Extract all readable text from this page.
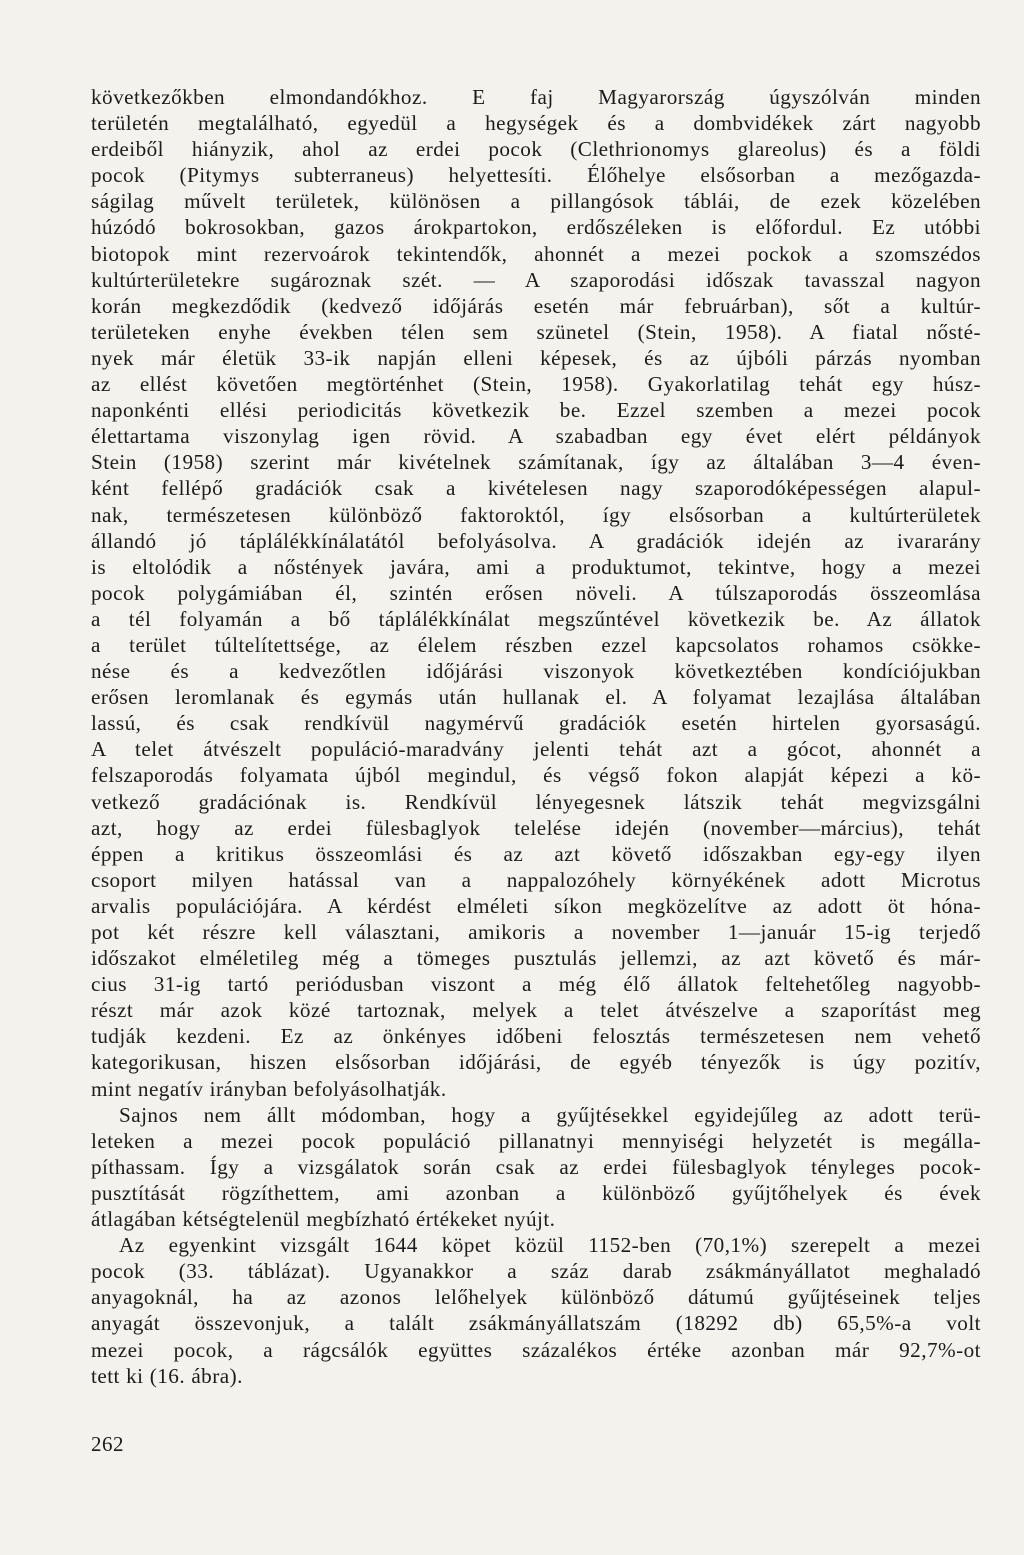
következőkben elmondandókhoz. E faj Magyarország úgyszólván minden
területén megtalálható, egyedül a hegységek és a dombvidékek zárt nagyobb
erdeiből hiányzik, ahol az erdei pocok (Clethrionomys glareolus) és a földi
pocok (Pitymys subterraneus) helyettesíti. Élőhelye elsősorban a mezőgazda-
ságilag művelt területek, különösen a pillangósok táblái, de ezek közelében
húzódó bokrosokban, gazos árokpartokon, erdőszéleken is előfordul. Ez utóbbi
biotopok mint rezervoárok tekintendők, ahonnét a mezei pockok a szomszédos
kultúrterületekre sugároznak szét. — A szaporodási időszak tavasszal nagyon
korán megkezdődik (kedvező időjárás esetén már februárban), sőt a kultúr-
területeken enyhe években télen sem szünetel (Stein, 1958). A fiatal nősté-
nyek már életük 33-ik napján elleni képesek, és az újbóli párzás nyomban
az ellést követően megtörténhet (Stein, 1958). Gyakorlatilag tehát egy húsz-
naponkénti ellési periodicitás következik be. Ezzel szemben a mezei pocok
élettartama viszonylag igen rövid. A szabadban egy évet elért példányok
Stein (1958) szerint már kivételnek számítanak, így az általában 3—4 éven-
ként fellépő gradációk csak a kivételesen nagy szaporodóképességen alapul-
nak, természetesen különböző faktoroktól, így elsősorban a kultúrterületek
állandó jó táplálékkínálatától befolyásolva. A gradációk idején az ivararány
is eltolódik a nőstények javára, ami a produktumot, tekintve, hogy a mezei
pocok polygámiában él, szintén erősen növeli. A túlszaporodás összeomlása
a tél folyamán a bő táplálékkínálat megszűntével következik be. Az állatok
a terület túltelítettsége, az élelem részben ezzel kapcsolatos rohamos csökke-
nése és a kedvezőtlen időjárási viszonyok következtében kondíciójukban
erősen leromlanak és egymás után hullanak el. A folyamat lezajlása általában
lassú, és csak rendkívül nagymérvű gradációk esetén hirtelen gyorsaságú.
A telet átvészelt populáció-maradvány jelenti tehát azt a gócot, ahonnét a
felszaporodás folyamata újból megindul, és végső fokon alapját képezi a kö-
vetkező gradációnak is. Rendkívül lényegesnek látszik tehát megvizsgálni
azt, hogy az erdei fülesbaglyok telelése idején (november—március), tehát
éppen a kritikus összeomlási és az azt követő időszakban egy-egy ilyen
csoport milyen hatással van a nappalozóhely környékének adott Microtus
arvalis populációjára. A kérdést elméleti síkon megközelítve az adott öt hóna-
pot két részre kell választani, amikoris a november 1—január 15-ig terjedő
időszakot elméletileg még a tömeges pusztulás jellemzi, az azt követő és már-
cius 31-ig tartó periódusban viszont a még élő állatok feltehetőleg nagyobb-
részt már azok közé tartoznak, melyek a telet átvészelve a szaporítást meg
tudják kezdeni. Ez az önkényes időbeni felosztás természetesen nem vehető
kategorikusan, hiszen elsősorban időjárási, de egyéb tényezők is úgy pozitív,
mint negatív irányban befolyásolhatják.
Sajnos nem állt módomban, hogy a gyűjtésekkel egyidejűleg az adott terü-
leteken a mezei pocok populáció pillanatnyi mennyiségi helyzetét is megálla-
píthassam. Így a vizsgálatok során csak az erdei fülesbaglyok tényleges pocok-
pusztítását rögzíthettem, ami azonban a különböző gyűjtőhelyek és évek
átlagában kétségtelenül megbízható értékeket nyújt.
Az egyenkint vizsgált 1644 köpet közül 1152-ben (70,1%) szerepelt a mezei
pocok (33. táblázat). Ugyanakkor a száz darab zsákmányállatot meghaladó
anyagoknál, ha az azonos lelőhelyek különböző dátumú gyűjtéseinek teljes
anyagát összevonjuk, a talált zsákmányállatszám (18292 db) 65,5%-a volt
mezei pocok, a rágcsálók együttes százalékos értéke azonban már 92,7%-ot
tett ki (16. ábra).
262
